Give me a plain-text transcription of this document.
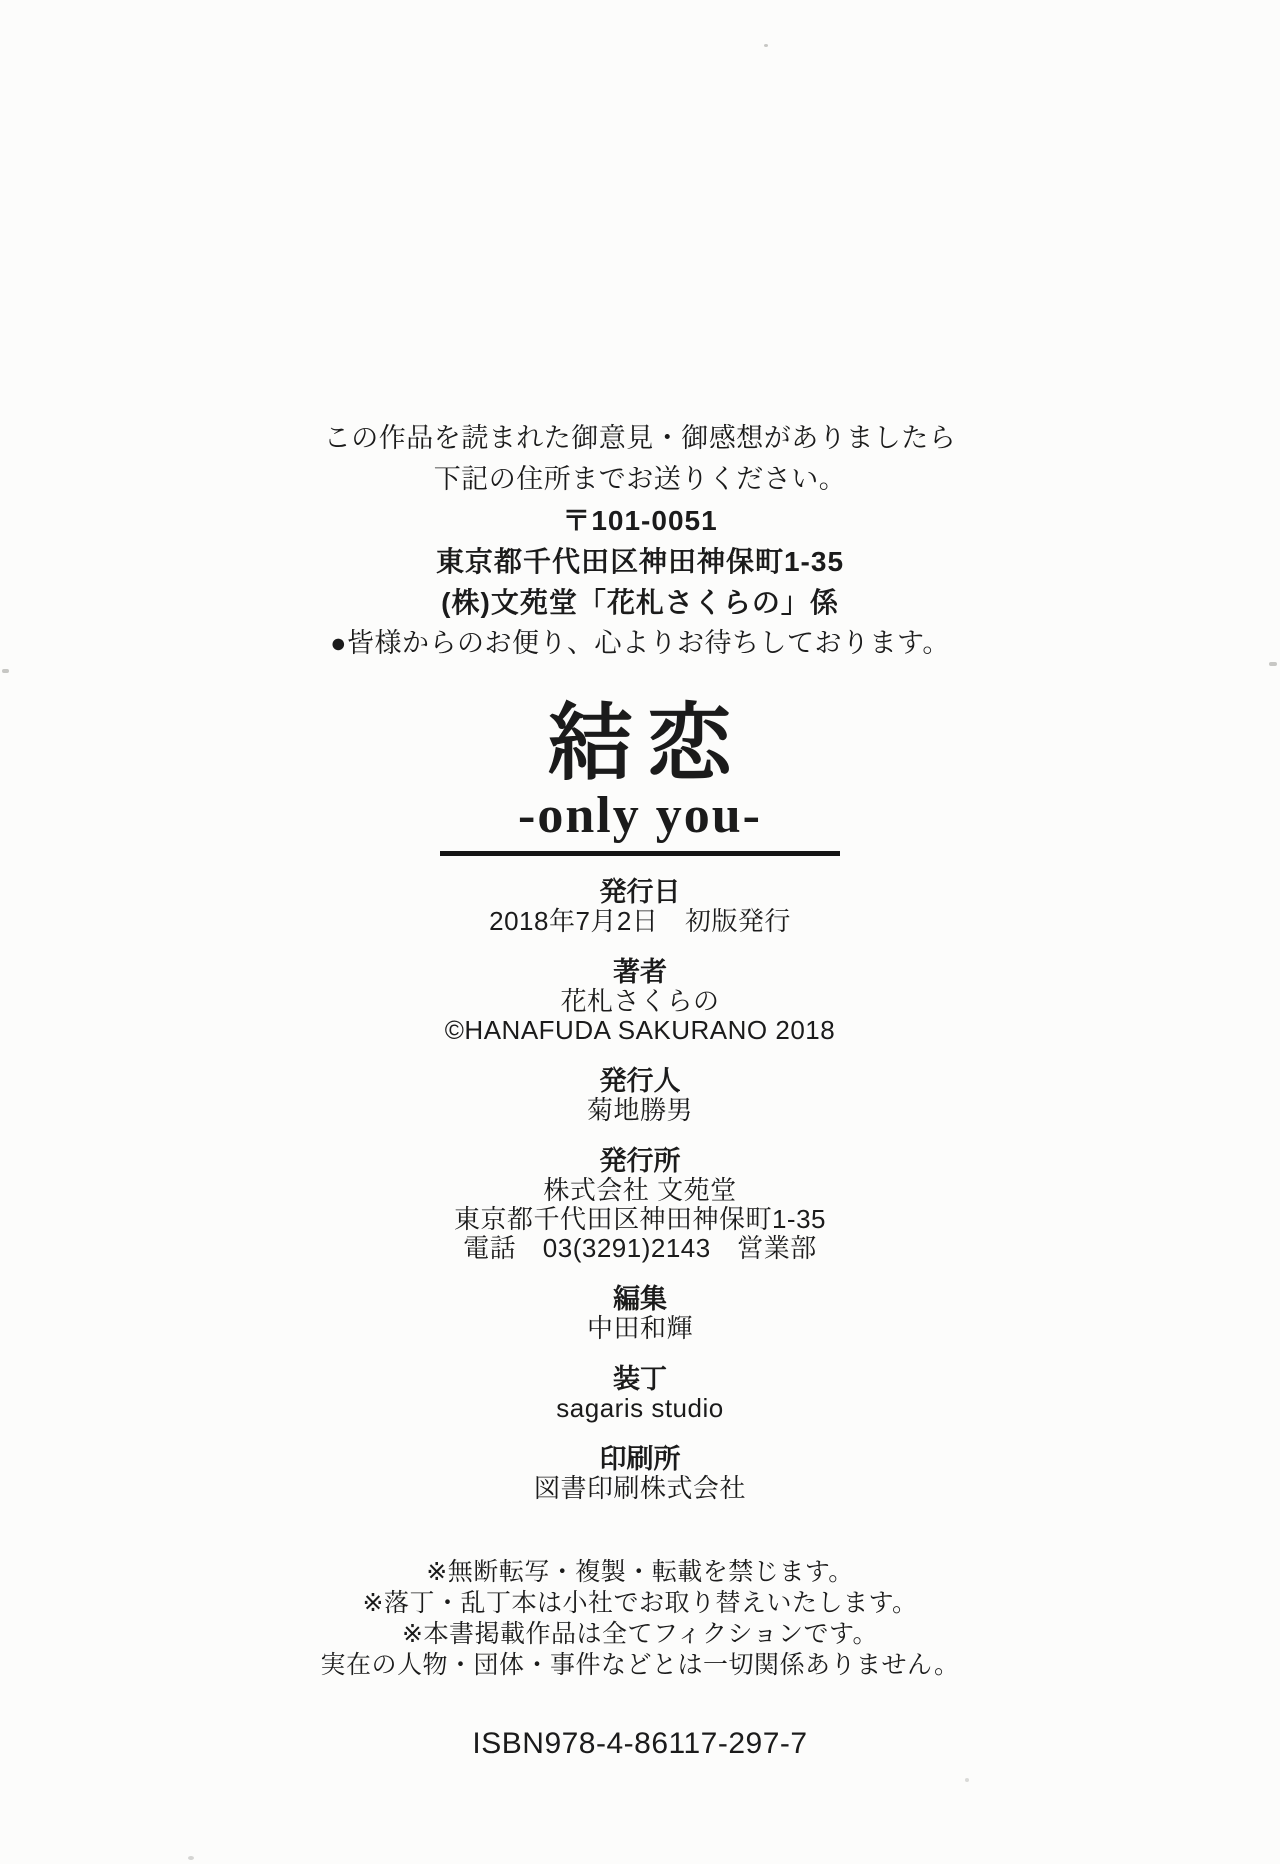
この作品を読まれた御意見・御感想がありましたら
下記の住所までお送りください。
〒101-0051
東京都千代田区神田神保町1-35
(株)文苑堂「花札さくらの」係
●皆様からのお便り、心よりお待ちしております。
結恋
-only you-
発行日
2018年7月2日　初版発行
著者
花札さくらの
©HANAFUDA SAKURANO 2018
発行人
菊地勝男
発行所
株式会社 文苑堂
東京都千代田区神田神保町1-35
電話　03(3291)2143　営業部
編集
中田和輝
装丁
sagaris studio
印刷所
図書印刷株式会社
※無断転写・複製・転載を禁じます。
※落丁・乱丁本は小社でお取り替えいたします。
※本書掲載作品は全てフィクションです。
実在の人物・団体・事件などとは一切関係ありません。
ISBN978-4-86117-297-7
